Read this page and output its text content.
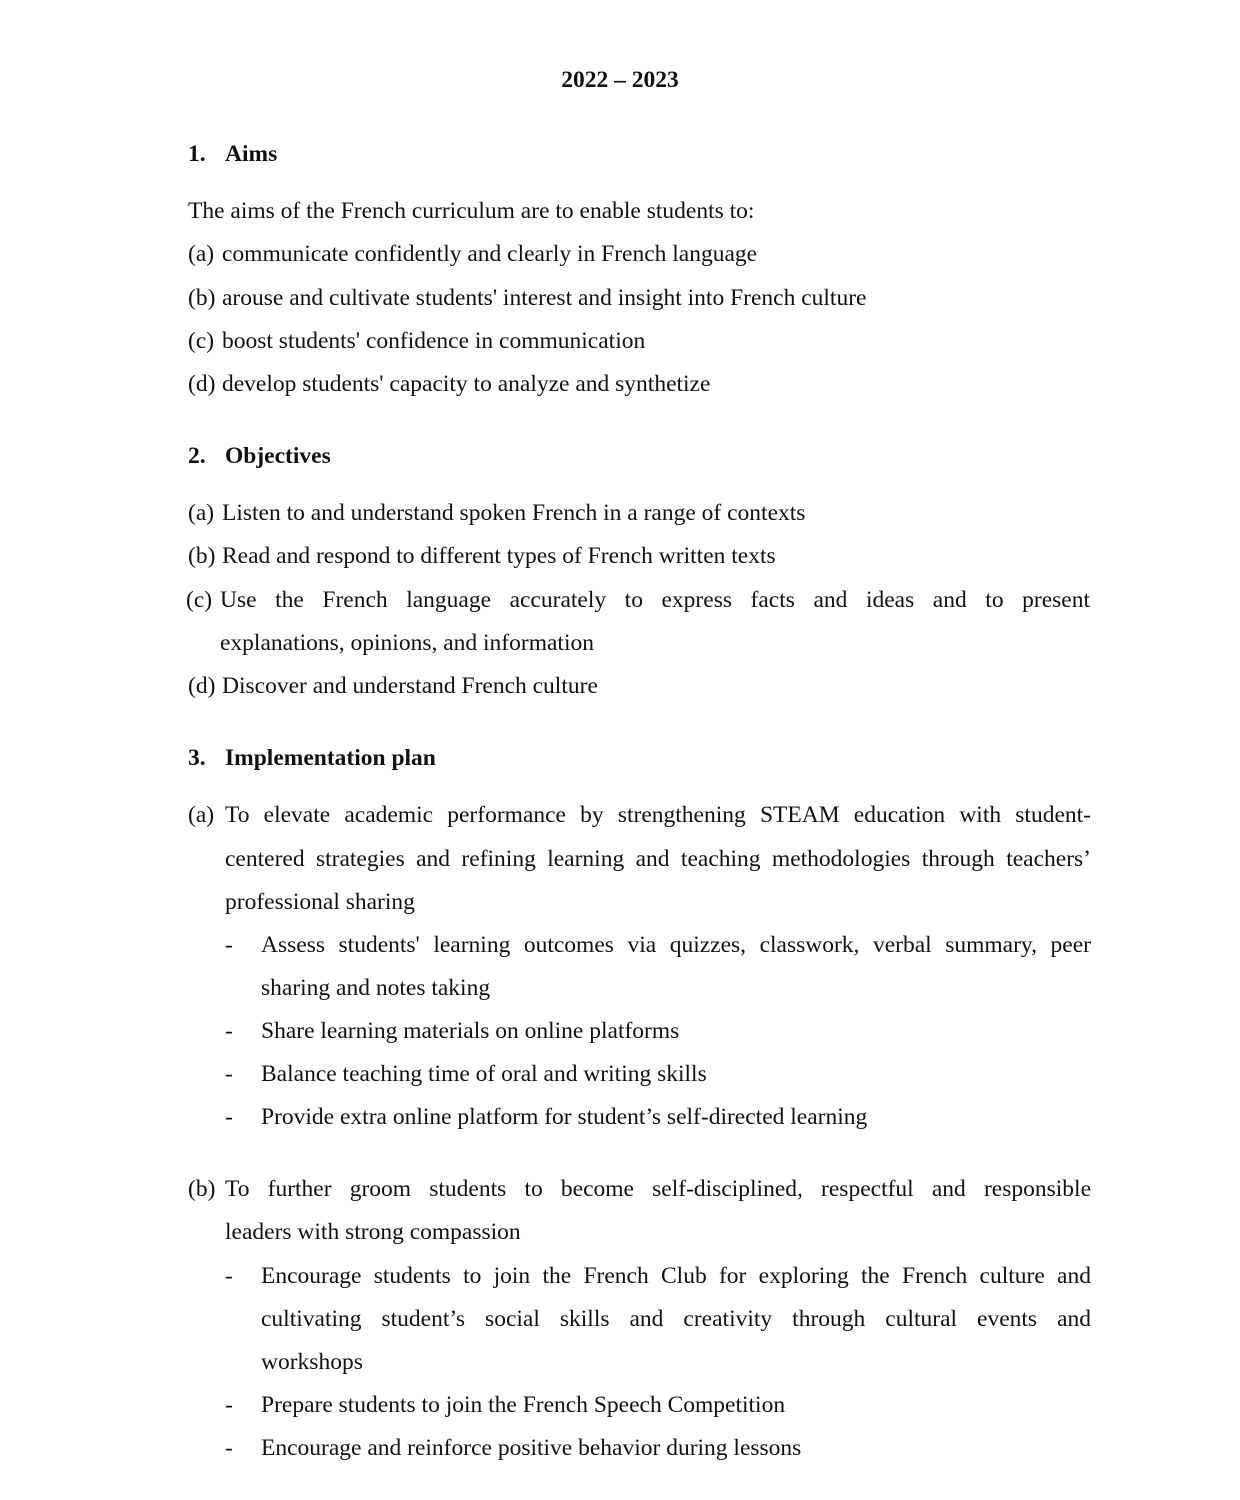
2022 – 2023
1. Aims
The aims of the French curriculum are to enable students to:
(a) communicate confidently and clearly in French language
(b) arouse and cultivate students' interest and insight into French culture
(c) boost students' confidence in communication
(d) develop students' capacity to analyze and synthetize
2. Objectives
(a) Listen to and understand spoken French in a range of contexts
(b) Read and respond to different types of French written texts
(c) Use the French language accurately to express facts and ideas and to present
explanations, opinions, and information
(d) Discover and understand French culture
3. Implementation plan
(a) To elevate academic performance by strengthening STEAM education with student-
centered strategies and refining learning and teaching methodologies through teachers’
professional sharing
- Assess students' learning outcomes via quizzes, classwork, verbal summary, peer
sharing and notes taking
- Share learning materials on online platforms
- Balance teaching time of oral and writing skills
- Provide extra online platform for student’s self-directed learning
(b) To further groom students to become self-disciplined, respectful and responsible
leaders with strong compassion
- Encourage students to join the French Club for exploring the French culture and
cultivating student’s social skills and creativity through cultural events and
workshops
- Prepare students to join the French Speech Competition
- Encourage and reinforce positive behavior during lessons
